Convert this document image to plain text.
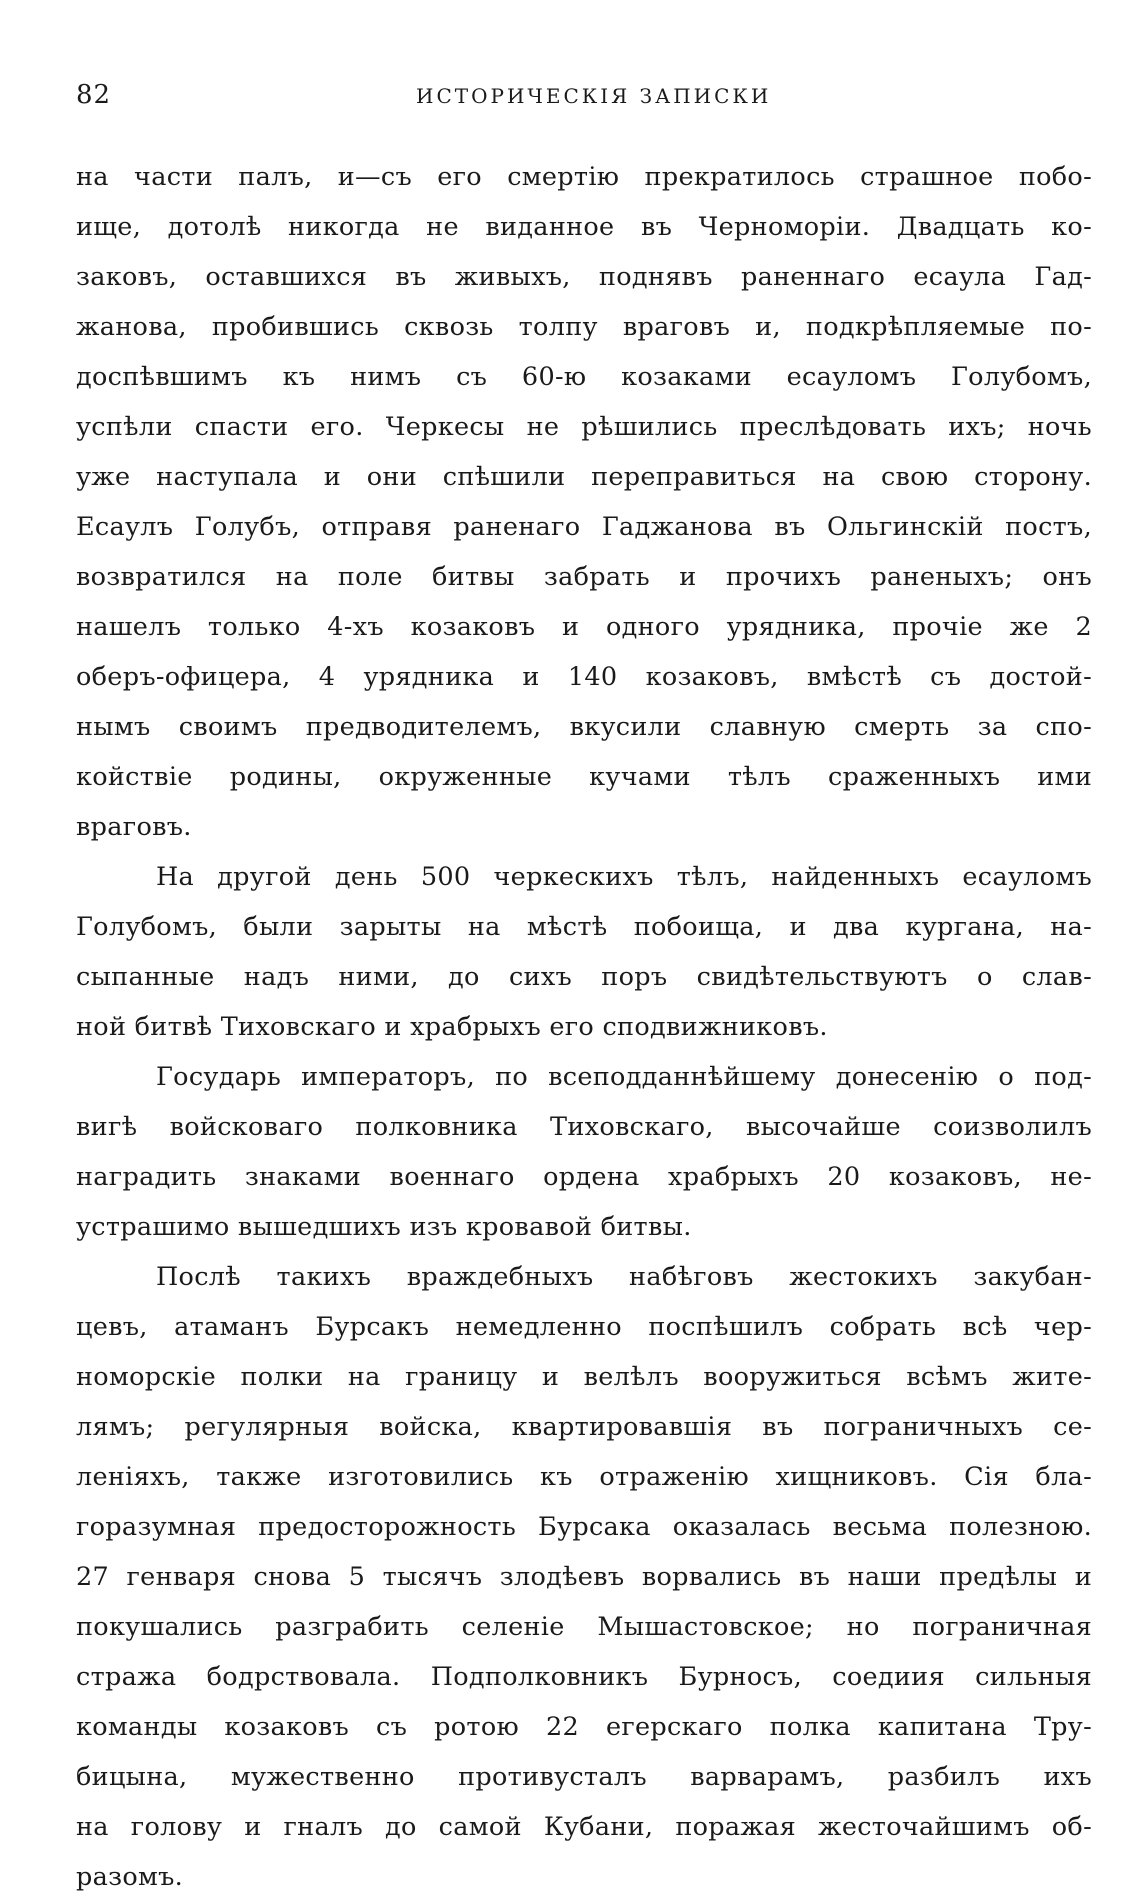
82	ИСТОРИЧЕСКІЯ ЗАПИСКИ
на части палъ, и—съ его смертію прекратилось страшное побо-
ище, дотолѣ никогда не виданное въ Черноморіи. Двадцать ко-
заковъ, оставшихся въ живыхъ, поднявъ раненнаго есаула Гад-
жанова, пробившись сквозь толпу враговъ и, подкрѣпляемые по-
доспѣвшимъ къ нимъ съ 60-ю козаками есауломъ Голубомъ,
успѣли спасти его. Черкесы не рѣшились преслѣдовать ихъ; ночь
уже наступала и они спѣшили переправиться на свою сторону.
Есаулъ Голубъ, отправя раненаго Гаджанова въ Ольгинскій постъ,
возвратился на поле битвы забрать и прочихъ раненыхъ; онъ
нашелъ только 4-хъ козаковъ и одного урядника, прочіе же 2
оберъ-офицера, 4 урядника и 140 козаковъ, вмѣстѣ съ достой-
нымъ своимъ предводителемъ, вкусили славную смерть за спо-
койствіе родины, окруженные кучами тѣлъ сраженныхъ ими
враговъ.
На другой день 500 черкескихъ тѣлъ, найденныхъ есауломъ
Голубомъ, были зарыты на мѣстѣ побоища, и два кургана, на-
сыпанные надъ ними, до сихъ поръ свидѣтельствуютъ о слав-
ной битвѣ Тиховскаго и храбрыхъ его сподвижниковъ.
Государь императоръ, по всеподданнѣйшему донесенію о под-
вигѣ войсковаго полковника Тиховскаго, высочайше соизволилъ
наградить знаками военнаго ордена храбрыхъ 20 козаковъ, не-
устрашимо вышедшихъ изъ кровавой битвы.
Послѣ такихъ враждебныхъ набѣговъ жестокихъ закубан-
цевъ, атаманъ Бурсакъ немедленно поспѣшилъ собрать всѣ чер-
номорскіе полки на границу и велѣлъ вооружиться всѣмъ жите-
лямъ; регулярныя войска, квартировавшія въ пограничныхъ се-
леніяхъ, также изготовились къ отраженію хищниковъ. Сія бла-
горазумная предосторожность Бурсака оказалась весьма полезною.
27 генваря снова 5 тысячъ злодѣевъ ворвались въ наши предѣлы и
покушались разграбить селеніе Мышастовское; но пограничная
стража бодрствовала. Подполковникъ Бурносъ, соедиия сильныя
команды козаковъ съ ротою 22 егерскаго полка капитана Тру-
бицына, мужественно противусталъ варварамъ, разбилъ ихъ
на голову и гналъ до самой Кубани, поражая жесточайшимъ об-
разомъ.
